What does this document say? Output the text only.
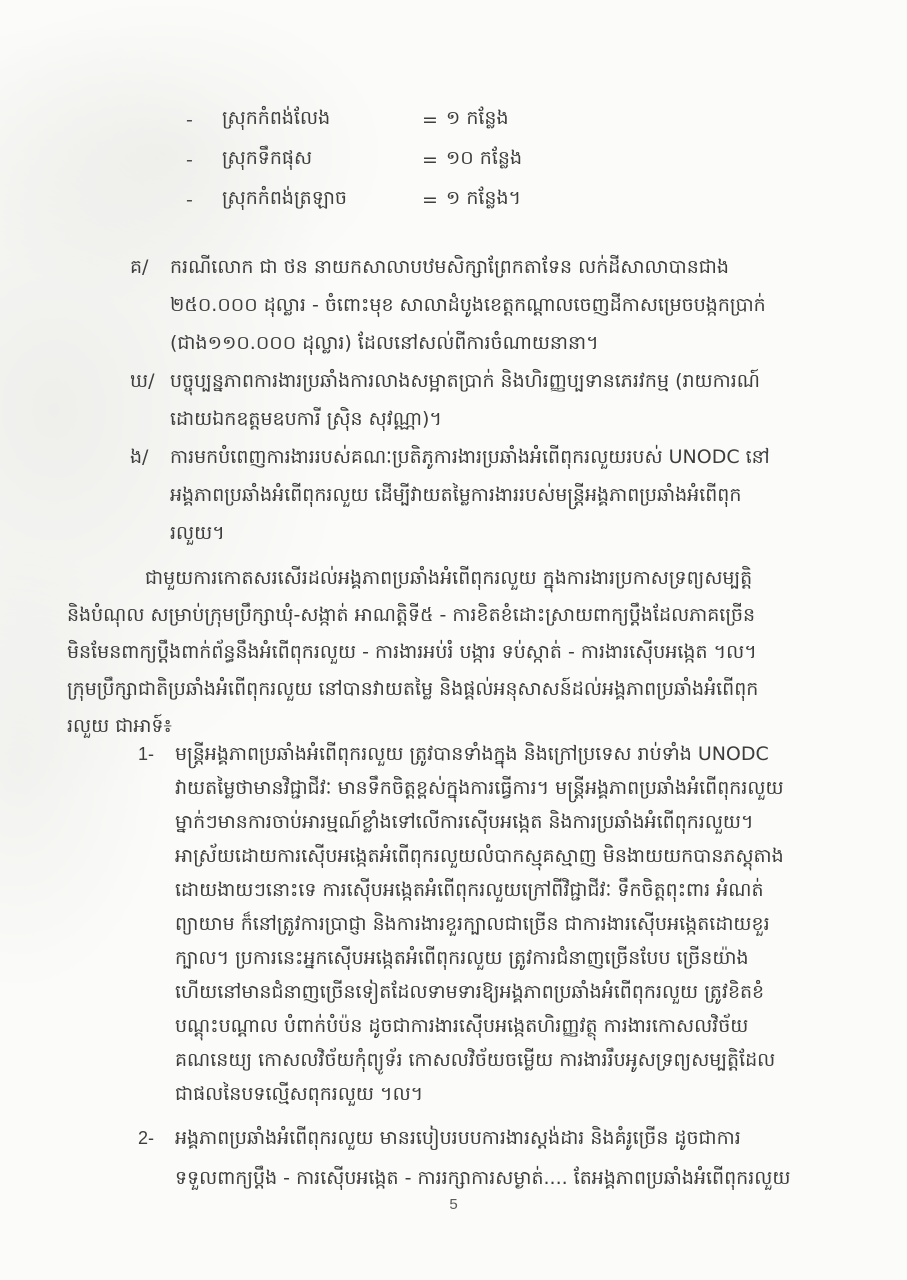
-	ស្រុកកំពង់លែង	= ១ កន្លែង
-	ស្រុកទឹកផុស	= ១០ កន្លែង
-	ស្រុកកំពង់ត្រឡាច	= ១ កន្លែង។
គ/	ករណីលោក ជា ថន នាយកសាលាបឋមសិក្សាព្រែកតាទែន លក់ដីសាលាបានជាង
២៥០.០០០ ដុល្លារ - ចំពោះមុខ សាលាដំបូងខេត្តកណ្តាលចេញដីកាសម្រេចបង្កកប្រាក់
(ជាង១១០.០០០ ដុល្លារ) ដែលនៅសល់ពីការចំណាយនានា។
ឃ/ បច្ចុប្បន្នភាពការងារប្រឆាំងការលាងសម្អាតប្រាក់ និងហិរញ្ញប្បទានភេរវកម្ម (រាយការណ៍
ដោយឯកឧត្តមឧបការី ស្រ៊ិន សុវណ្ណា)។
ង/	ការមកបំពេញការងាររបស់គណៈប្រតិភូការងារប្រឆាំងអំពើពុករលួយរបស់ UNODC នៅ
អង្គភាពប្រឆាំងអំពើពុករលួយ ដើម្បីវាយតម្លៃការងាររបស់មន្ត្រីអង្គភាពប្រឆាំងអំពើពុក
រលួយ។
ជាមួយការកោតសរសើរដល់អង្គភាពប្រឆាំងអំពើពុករលួយ ក្នុងការងារប្រកាសទ្រព្យសម្បត្តិ
និងបំណុល សម្រាប់ក្រុមប្រឹក្សាឃុំ-សង្កាត់ អាណត្តិទី៥ - ការខិតខំដោះស្រាយពាក្យប្តឹងដែលភាគច្រើន
មិនមែនពាក្យប្តឹងពាក់ព័ន្ធនឹងអំពើពុករលួយ - ការងារអប់រំ បង្ការ ទប់ស្កាត់ - ការងារស៊ើបអង្កេត ។ល។
ក្រុមប្រឹក្សាជាតិប្រឆាំងអំពើពុករលួយ នៅបានវាយតម្លៃ និងផ្តល់អនុសាសន៍ដល់អង្គភាពប្រឆាំងអំពើពុក
រលួយ ជាអាទ៍៖
1-	មន្ត្រីអង្គភាពប្រឆាំងអំពើពុករលួយ ត្រូវបានទាំងក្នុង និងក្រៅប្រទេស រាប់ទាំង UNODC
វាយតម្លៃថាមានវិជ្ជាជីវៈ មានទឹកចិត្តខ្ពស់ក្នុងការធ្វើការ។ មន្ត្រីអង្គភាពប្រឆាំងអំពើពុករលួយ
ម្នាក់ៗមានការចាប់អារម្មណ៍ខ្លាំងទៅលើការស៊ើបអង្កេត និងការប្រឆាំងអំពើពុករលួយ។
អាស្រ័យដោយការស៊ើបអង្កេតអំពើពុករលួយលំបាកស្មុគស្មាញ មិនងាយយកបានភស្តុតាង
ដោយងាយៗនោះទេ ការស៊ើបអង្កេតអំពើពុករលួយក្រៅពីវិជ្ជាជីវៈ ទឹកចិត្តពុះពារ អំណត់
ព្យាយាម ក៏នៅត្រូវការប្រាជ្ញា និងការងារខួរក្បាលជាច្រើន ជាការងារស៊ើបអង្កេតដោយខួរ
ក្បាល។ ប្រការនេះអ្នកស៊ើបអង្កេតអំពើពុករលួយ ត្រូវការជំនាញច្រើនបែប ច្រើនយ៉ាង
ហើយនៅមានជំនាញច្រើនទៀតដែលទាមទារឱ្យអង្គភាពប្រឆាំងអំពើពុករលួយ ត្រូវខិតខំ
បណ្តុះបណ្តាល បំពាក់បំប៉ន ដូចជាការងារស៊ើបអង្កេតហិរញ្ញវត្ថុ ការងារកោសលវិច័យ
គណនេយ្យ កោសលវិច័យកុំព្យូទ័រ កោសលវិច័យចម្លើយ ការងាររឹបអូសទ្រព្យសម្បត្តិដែល
ជាផលនៃបទល្មើសពុករលួយ ។ល។
2-	អង្គភាពប្រឆាំងអំពើពុករលួយ មានរបៀបរបបការងារស្តង់ដារ និងគំរូច្រើន ដូចជាការ
ទទួលពាក្យប្តឹង - ការស៊ើបអង្កេត - ការរក្សាការសម្ងាត់.... តែអង្គភាពប្រឆាំងអំពើពុករលួយ
5
